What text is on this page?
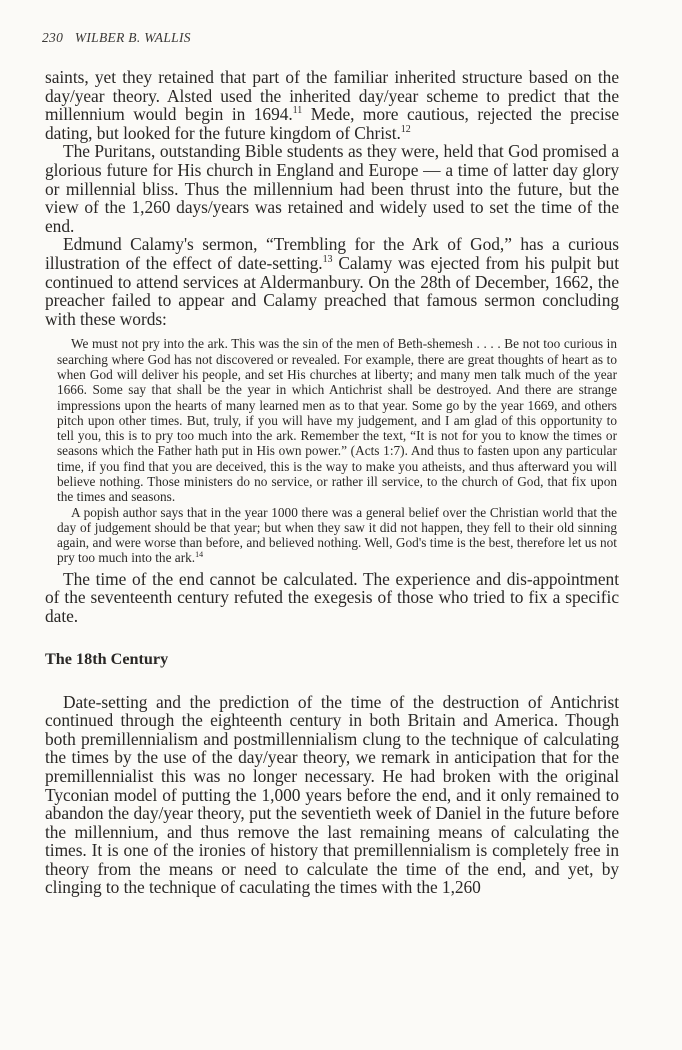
230 WILBER B. WALLIS

saints, yet they retained that part of the familiar inherited structure based on the day/year theory. Alsted used the inherited day/year scheme to predict that the millennium would begin in 1694.11 Mede, more cautious, rejected the precise dating, but looked for the future kingdom of Christ.$^{12}$

The Puritans, outstanding Bible students as they were, held that God promised a glorious future for His church in England and Europe — a time of latter day glory or millennial bliss. Thus the millennium had been thrust into the future, but the view of the 1,260 days/years was retained and widely used to set the time of the end.

Edmund Calamy's sermon, “Trembling for the Ark of God,” has a curious illustration of the effect of date-setting.$^{13}$ Calamy was ejected from his pulpit but continued to attend services at Aldermanbury. On the 28th of December, 1662, the preacher failed to appear and Calamy preached that famous sermon concluding with these words:

We must not pry into the ark. This was the sin of the men of Beth-shemesh . . . . Be not too curious in searching where God has not discovered or revealed. For example, there are great thoughts of heart as to when God will deliver his people, and set His churches at liberty; and many men talk much of the year 1666. Some say that shall be the year in which Antichrist shall be destroyed. And there are strange impressions upon the hearts of many learned men as to that year. Some go by the year 1669, and others pitch upon other times. But, truly, if you will have my judgement, and I am glad of this opportunity to tell you, this is to pry too much into the ark. Remember the text, “It is not for you to know the times or seasons which the Father hath put in His own power.” (Acts 1:7). And thus to fasten upon any particular time, if you find that you are deceived, this is the way to make you atheists, and thus afterward you will believe nothing. Those ministers do no service, or rather ill service, to the church of God, that fix upon the times and seasons.

A popish author says that in the year 1000 there was a general belief over the Christian world that the day of judgement should be that year; but when they saw it did not happen, they fell to their old sinning again, and were worse than before, and believed nothing. Well, God's time is the best, therefore let us not pry too much into the ark.$^{14}$

The time of the end cannot be calculated. The experience and dis-appointment of the seventeenth century refuted the exegesis of those who tried to fix a specific date.

The 18th Century

Date-setting and the prediction of the time of the destruction of Antichrist continued through the eighteenth century in both Britain and America. Though both premillennialism and postmillennialism clung to the technique of calculating the times by the use of the day/year theory, we remark in anticipation that for the premillennialist this was no longer necessary. He had broken with the original Tyconian model of putting the 1,000 years before the end, and it only remained to abandon the day/year theory, put the seventieth week of Daniel in the future before the millennium, and thus remove the last remaining means of calculating the times. It is one of the ironies of history that premillennialism is completely free in theory from the means or need to calculate the time of the end, and yet, by clinging to the technique of caculating the times with the 1,260
